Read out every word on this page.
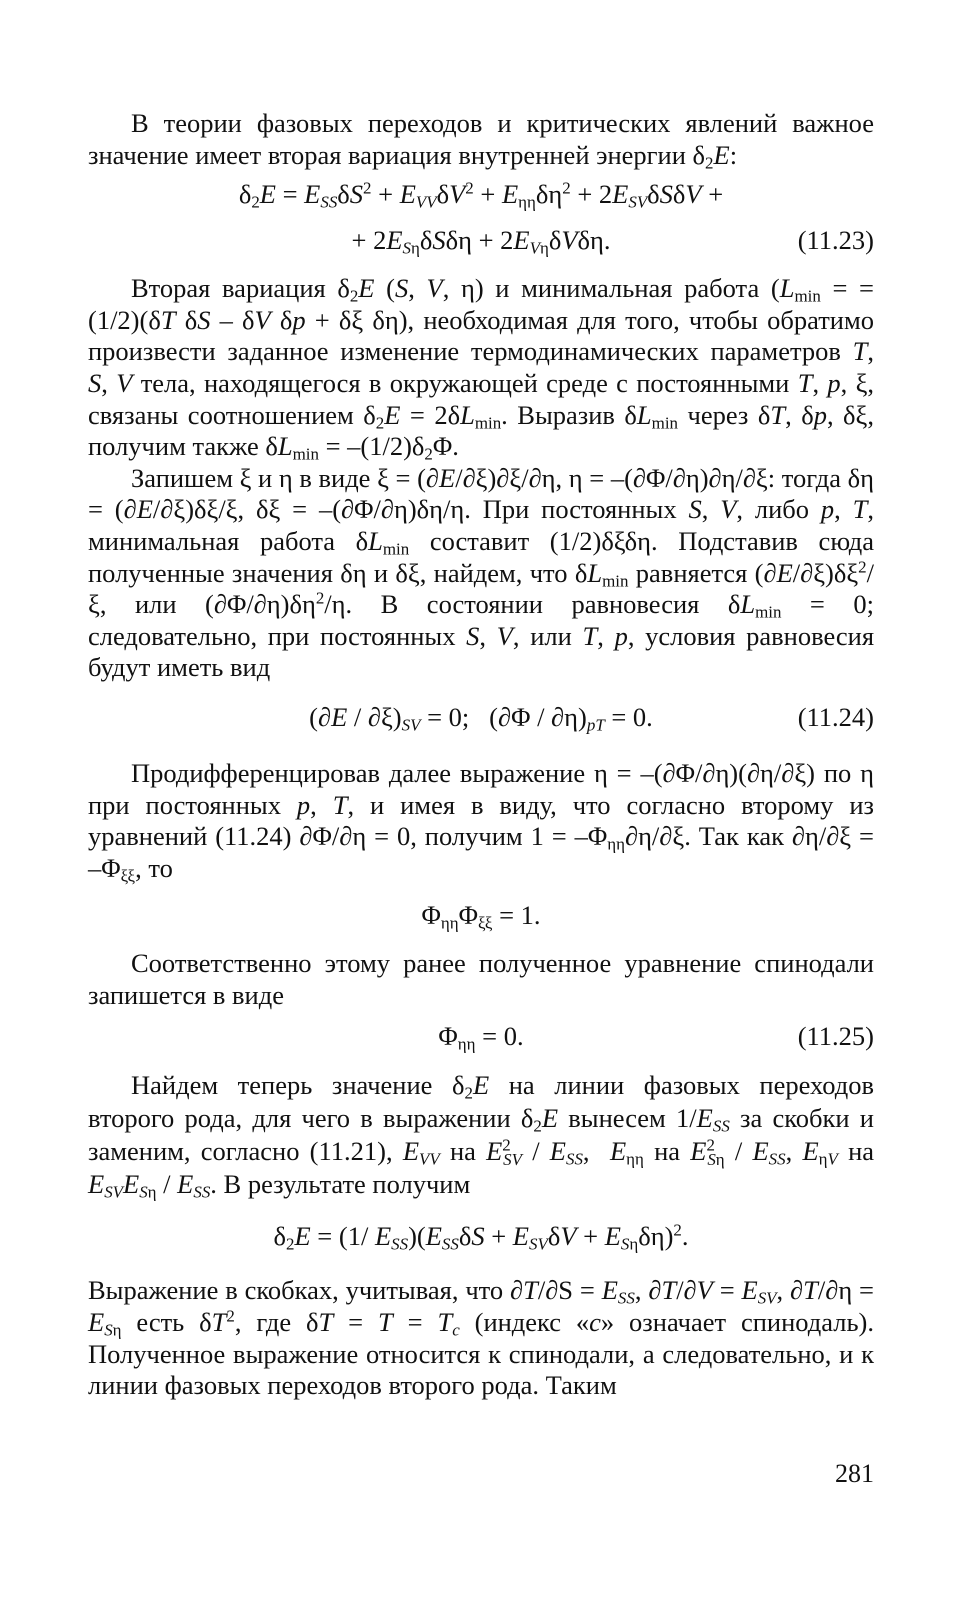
В теории фазовых переходов и критических явлений важное

значение имеет вторая вариация внутренней энергии $\delta_2E$:

$\delta_2E = E_{SS}\delta S^2 + E_{VV}\delta V^2 + E_{\eta\eta}\delta\eta^2 + 2E_{SV}\delta S\delta V$ +
+ $2E_{S\eta}\delta S\delta\eta + 2E_{V\eta}\delta V\delta\eta$.	(11.23)

Вторая вариация $\delta_2E$ (S, V, η) и минимальная работа ($L_{min}$ = = (1/2)(δT δS – δV δp + δξ δη), необходимая для того, чтобы обратимо произвести заданное изменение термодинамических параметров T, S, V тела, находящегося в окружающей среде с постоянными T, p, ξ, связаны соотношением $\delta_2E = 2\delta L_{min}$. Выразив $\delta L_{min}$ через δT, δp, δξ, получим также $\delta L_{min} = -(1/2)\delta_2\Phi$.

Запишем ξ и η в виде ξ = (∂E/∂ξ)∂ξ/∂η, η = –(∂Φ/∂η)∂η/∂ξ: тогда δη = (∂E/∂ξ)δξ/ξ, δξ = –(∂Φ/∂η)δη/η. При постоянных S, V, либо p, T, минимальная работа $\delta L_{min}$ составит (1/2)δξδη. Подставив сюда полученные значения δη и δξ, найдем, что $\delta L_{min}$ равняется $(\partial E/\partial\xi)\delta\xi^2/\xi$, или $(\partial\Phi/\partial\eta)\delta\eta^2/\eta$. В состоянии равновесия $\delta L_{min} = 0$; следовательно, при постоянных S, V, или T, p, условия равновесия будут иметь вид

$(\partial E / \partial\xi)_{SV} = 0$;   $(\partial\Phi / \partial\eta)_{pT} = 0$.	(11.24)

Продифференцировав далее выражение η = –(∂Φ/∂η)(∂η/∂ξ) по η при постоянных p, T, и имея в виду, что согласно второму из уравнений (11.24) ∂Φ/∂η = 0, получим $1 = -\Phi_{\eta\eta}\partial\eta/\partial\xi$. Так как $\partial\eta/\partial\xi = -\Phi_{\xi\xi}$, то

$\Phi_{\eta\eta}\Phi_{\xi\xi} = 1$.

Соответственно этому ранее полученное уравнение спинодали запишется в виде

$\Phi_{\eta\eta} = 0$.	(11.25)

Найдем теперь значение $\delta_2E$ на линии фазовых переходов второго рода, для чего в выражении $\delta_2E$ вынесем $1/E_{SS}$ за скобки и заменим, согласно (11.21), $E_{VV}$ на $E^2_{SV} / E_{SS}$,  $E_{\eta\eta}$ на $E^2_{S\eta} / E_{SS}$, $E_{\eta V}$ на $E_{SV}E_{S\eta} / E_{SS}$. В результате получим

$\delta_2E = (1/$ $E_{SS})(E_{SS}\delta S + E_{SV}\delta V + E_{S\eta}\delta\eta)^2$.

Выражение в скобках, учитывая, что $\partial T/\partial S = E_{SS}$, $\partial T/\partial V = E_{SV}$, $\partial T/\partial\eta = E_{S\eta}$ есть $\delta T^2$, где $\delta T = T = T_c$ (индекс «c» означает спинодаль). Полученное выражение относится к спинодали, а следовательно, и к линии фазовых переходов второго рода. Таким

281
